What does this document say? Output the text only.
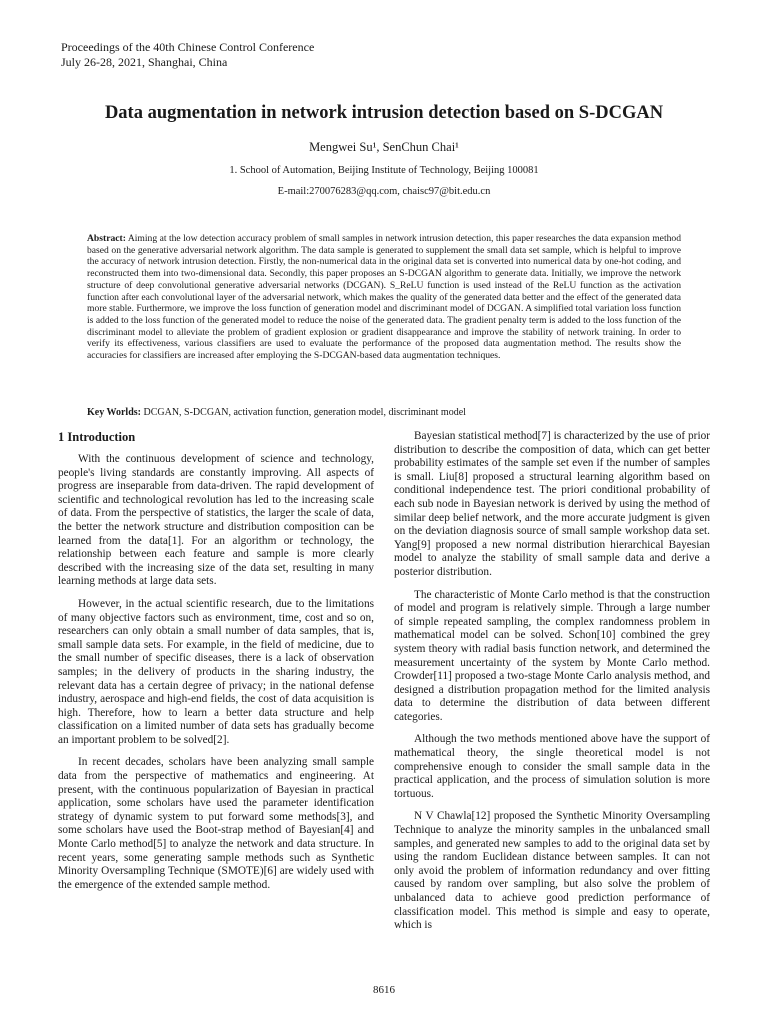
Proceedings of the 40th Chinese Control Conference
July 26-28, 2021, Shanghai, China
Data augmentation in network intrusion detection based on S-DCGAN
Mengwei Su¹, SenChun Chai¹
1. School of Automation, Beijing Institute of Technology, Beijing 100081
E-mail:270076283@qq.com, chaisc97@bit.edu.cn
Abstract: Aiming at the low detection accuracy problem of small samples in network intrusion detection, this paper researches the data expansion method based on the generative adversarial network algorithm. The data sample is generated to supplement the small data set sample, which is helpful to improve the accuracy of network intrusion detection. Firstly, the non-numerical data in the original data set is converted into numerical data by one-hot coding, and reconstructed them into two-dimensional data. Secondly, this paper proposes an S-DCGAN algorithm to generate data. Initially, we improve the network structure of deep convolutional generative adversarial networks (DCGAN). S_ReLU function is used instead of the ReLU function as the activation function after each convolutional layer of the adversarial network, which makes the quality of the generated data better and the effect of the generated data more stable. Furthermore, we improve the loss function of generation model and discriminant model of DCGAN. A simplified total variation loss function is added to the loss function of the generated model to reduce the noise of the generated data. The gradient penalty term is added to the loss function of the discriminant model to alleviate the problem of gradient explosion or gradient disappearance and improve the stability of network training. In order to verify its effectiveness, various classifiers are used to evaluate the performance of the proposed data augmentation method. The results show the accuracies for classifiers are increased after employing the S-DCGAN-based data augmentation techniques.
Key Worlds: DCGAN, S-DCGAN, activation function, generation model, discriminant model
1 Introduction

With the continuous development of science and technology, people's living standards are constantly improving. All aspects of progress are inseparable from data-driven. The rapid development of scientific and technological revolution has led to the increasing scale of data. From the perspective of statistics, the larger the scale of data, the better the network structure and distribution composition can be learned from the data[1]. For an algorithm or technology, the relationship between each feature and sample is more clearly described with the increasing size of the data set, resulting in many learning methods at large data sets.

However, in the actual scientific research, due to the limitations of many objective factors such as environment, time, cost and so on, researchers can only obtain a small number of data samples, that is, small sample data sets. For example, in the field of medicine, due to the small number of specific diseases, there is a lack of observation samples; in the delivery of products in the sharing industry, the relevant data has a certain degree of privacy; in the national defense industry, aerospace and high-end fields, the cost of data acquisition is high. Therefore, how to learn a better data structure and help classification on a limited number of data sets has gradually become an important problem to be solved[2].

In recent decades, scholars have been analyzing small sample data from the perspective of mathematics and engineering. At present, with the continuous popularization of Bayesian in practical application, some scholars have used the parameter identification strategy of dynamic system to put forward some methods[3], and some scholars have used the Boot-strap method of Bayesian[4] and Monte Carlo method[5] to analyze the network and data structure. In recent years, some generating sample methods such as Synthetic Minority Oversampling Technique (SMOTE)[6] are widely used with the emergence of the extended sample method.

Bayesian statistical method[7] is characterized by the use of prior distribution to describe the composition of data, which can get better probability estimates of the sample set even if the number of samples is small. Liu[8] proposed a structural learning algorithm based on conditional independence test. The priori conditional probability of each sub node in Bayesian network is derived by using the method of similar deep belief network, and the more accurate judgment is given on the deviation diagnosis source of small sample workshop data set. Yang[9] proposed a new normal distribution hierarchical Bayesian model to analyze the stability of small sample data and derive a posterior distribution.

The characteristic of Monte Carlo method is that the construction of model and program is relatively simple. Through a large number of simple repeated sampling, the complex randomness problem in mathematical model can be solved. Schon[10] combined the grey system theory with radial basis function network, and determined the measurement uncertainty of the system by Monte Carlo method. Crowder[11] proposed a two-stage Monte Carlo analysis method, and designed a distribution propagation method for the limited analysis data to determine the distribution of data between different categories.

Although the two methods mentioned above have the support of mathematical theory, the single theoretical model is not comprehensive enough to consider the small sample data in the practical application, and the process of simulation solution is more tortuous.

N V Chawla[12] proposed the Synthetic Minority Oversampling Technique to analyze the minority samples in the unbalanced small samples, and generated new samples to add to the original data set by using the random Euclidean distance between samples. It can not only avoid the problem of information redundancy and over fitting caused by random over sampling, but also solve the problem of unbalanced data to achieve good prediction performance of classification model. This method is simple and easy to operate, which is

8616
